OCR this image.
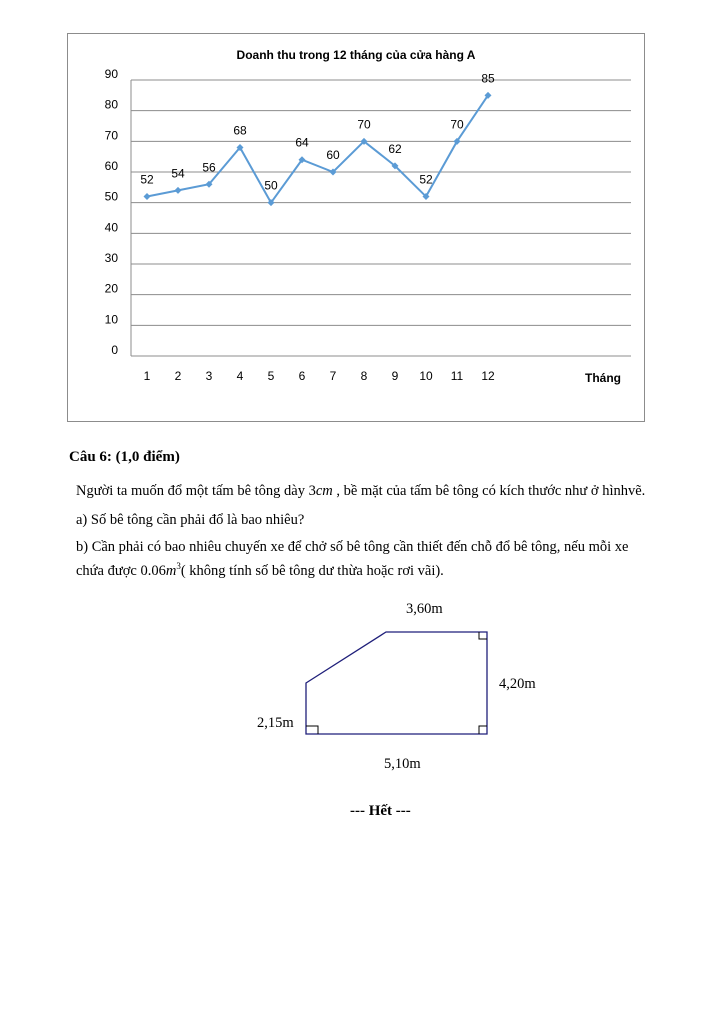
Doanh thu trong 12 tháng của cửa hàng A
0
10
20
30
40
50
60
70
80
90
1 2 3 4 5 6 7 8 9 10 11 12	Tháng
52 54 56
68
50
64
60
70
62
52
70
85
Câu 6: (1,0 điểm)
Người ta muốn đổ một tấm bê tông dày 3cm , bề mặt của tấm bê tông có kích thước như ở hìnhvẽ.
a) Số bê tông cần phải đổ là bao nhiêu?
b) Cần phải có bao nhiêu chuyến xe để chở số bê tông cần thiết đến chỗ đổ bê tông, nếu mỗi xe
chứa được $0.06m^3$( không tính số bê tông dư thừa hoặc rơi vãi).
3,60m
4,20m
2,15m
5,10m
--- Hết ---
